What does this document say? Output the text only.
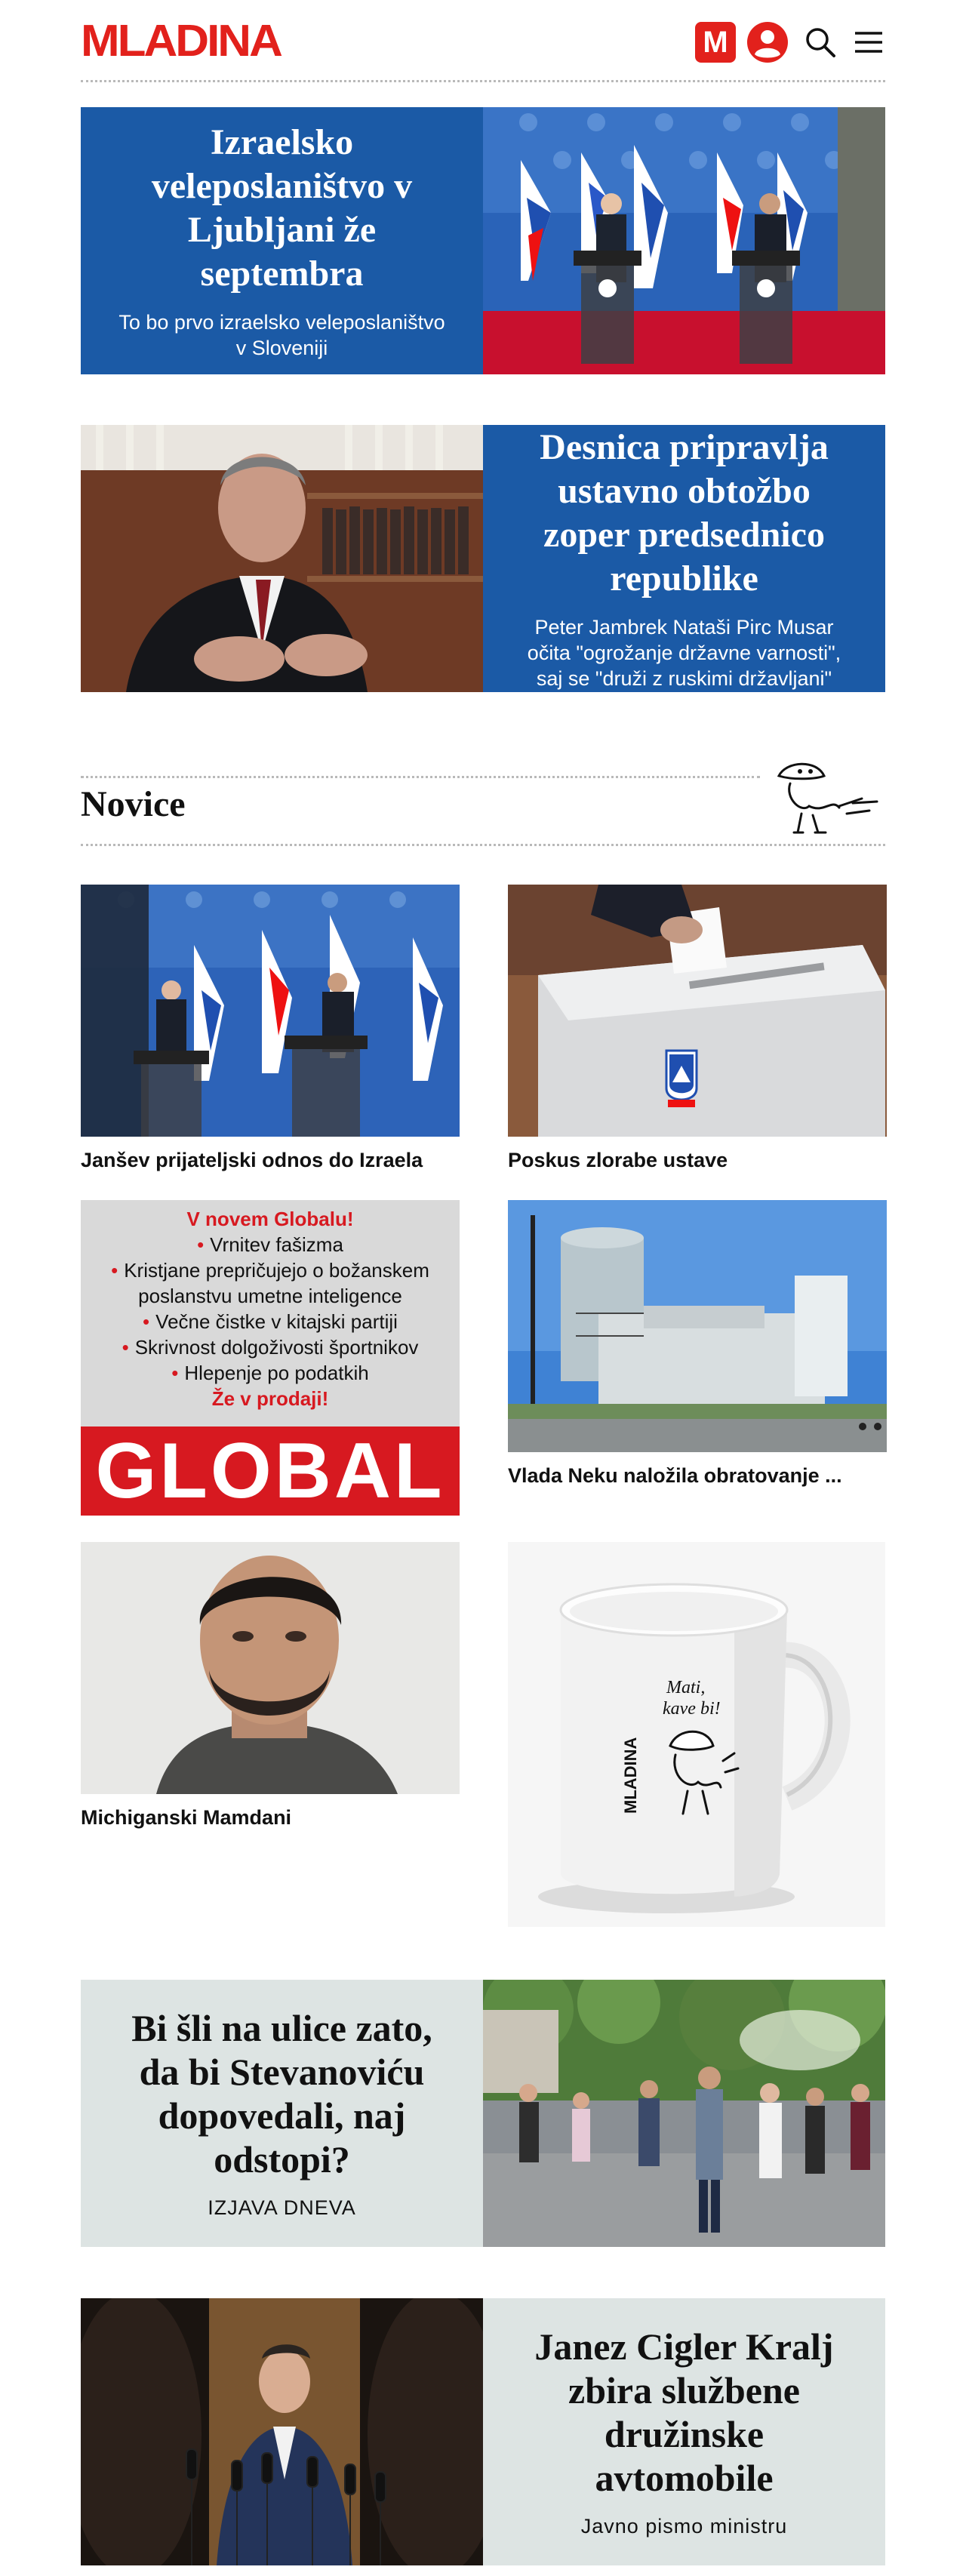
MLADINA	M
Izraelsko veleposlaništvo v Ljubljani že septembra
To bo prvo izraelsko veleposlaništvo v Sloveniji
Desnica pripravlja ustavno obtožbo zoper predsednico republike
Peter Jambrek Nataši Pirc Musar očita "ogrožanje državne varnosti", saj se "druži z ruskimi državljani"
Novice
Janšev prijateljski odnos do Izraela	Poskus zlorabe ustave
V novem Globalu!
• Vrnitev fašizma
• Kristjane prepričujejo o božanskem
poslanstvu umetne inteligence
• Večne čistke v kitajski partiji
• Skrivnost dolgoživosti športnikov
• Hlepenje po podatkih
Že v prodaji!
GLOBAL	Vlada Neku naložila obratovanje ...
Michiganski Mamdani
Mati,
kave bi!
MLADINA
Bi šli na ulice zato, da bi Stevanoviću dopovedali, naj odstopi?
IZJAVA DNEVA
Janez Cigler Kralj zbira službene družinske avtomobile
Javno pismo ministru
